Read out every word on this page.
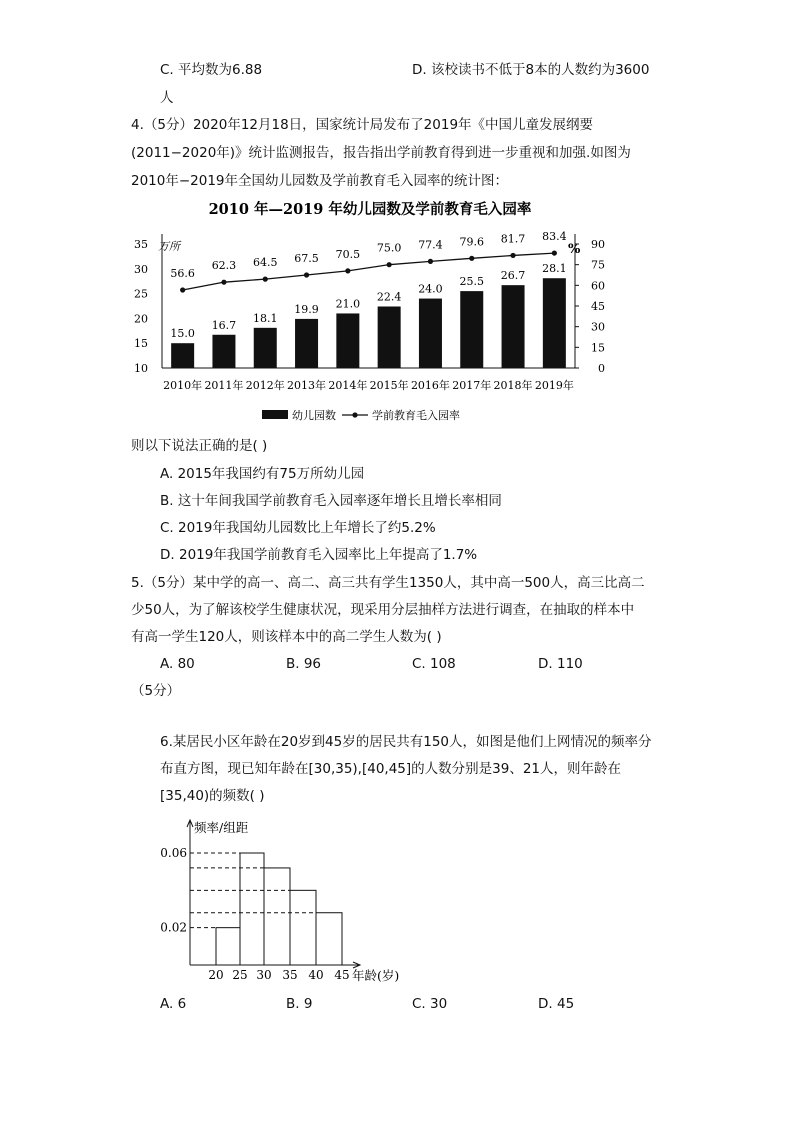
C. 平均数为6.88	D. 该校读书不低于8本的人数约为3600
人
4.（5分）2020年12月18日，国家统计局发布了2019年《中国儿童发展纲要
(2011−2020年)》统计监测报告，报告指出学前教育得到进一步重视和加强.如图为
2010年−2019年全国幼儿园数及学前教育毛入园率的统计图：
2010 年—2019 年幼儿园数及学前教育毛入园率
万所	%
10
15
20
25
30
35
0
15
30
45
60
75
90
15.0
16.7
18.1
19.9 21.0
22.4
24.0
25.5 26.7
28.1
56.6
62.3 64.5 67.5 70.5 75.0 77.4 79.6 81.7 83.4
2010年 2011年 2012年 2013年 2014年 2015年 2016年 2017年 2018年 2019年
幼儿园数	学前教育毛入园率
则以下说法正确的是( )
A. 2015年我国约有75万所幼儿园
B. 这十年间我国学前教育毛入园率逐年增长且增长率相同
C. 2019年我国幼儿园数比上年增长了约5.2%
D. 2019年我国学前教育毛入园率比上年提高了1.7%
5.（5分）某中学的高一、高二、高三共有学生1350人，其中高一500人，高三比高二
少50人，为了解该校学生健康状况，现采用分层抽样方法进行调查，在抽取的样本中
有高一学生120人，则该样本中的高二学生人数为( )
A. 80	B. 96	C. 108	D. 110
（5分）
6.某居民小区年龄在20岁到45岁的居民共有150人，如图是他们上网情况的频率分
布直方图，现已知年龄在[30,35),[40,45]的人数分别是39、21人，则年龄在
[35,40)的频数( )
频率/组距
年龄(岁)
20 25 30 35 40 45
0.02
0.06
A. 6	B. 9	C. 30	D. 45
